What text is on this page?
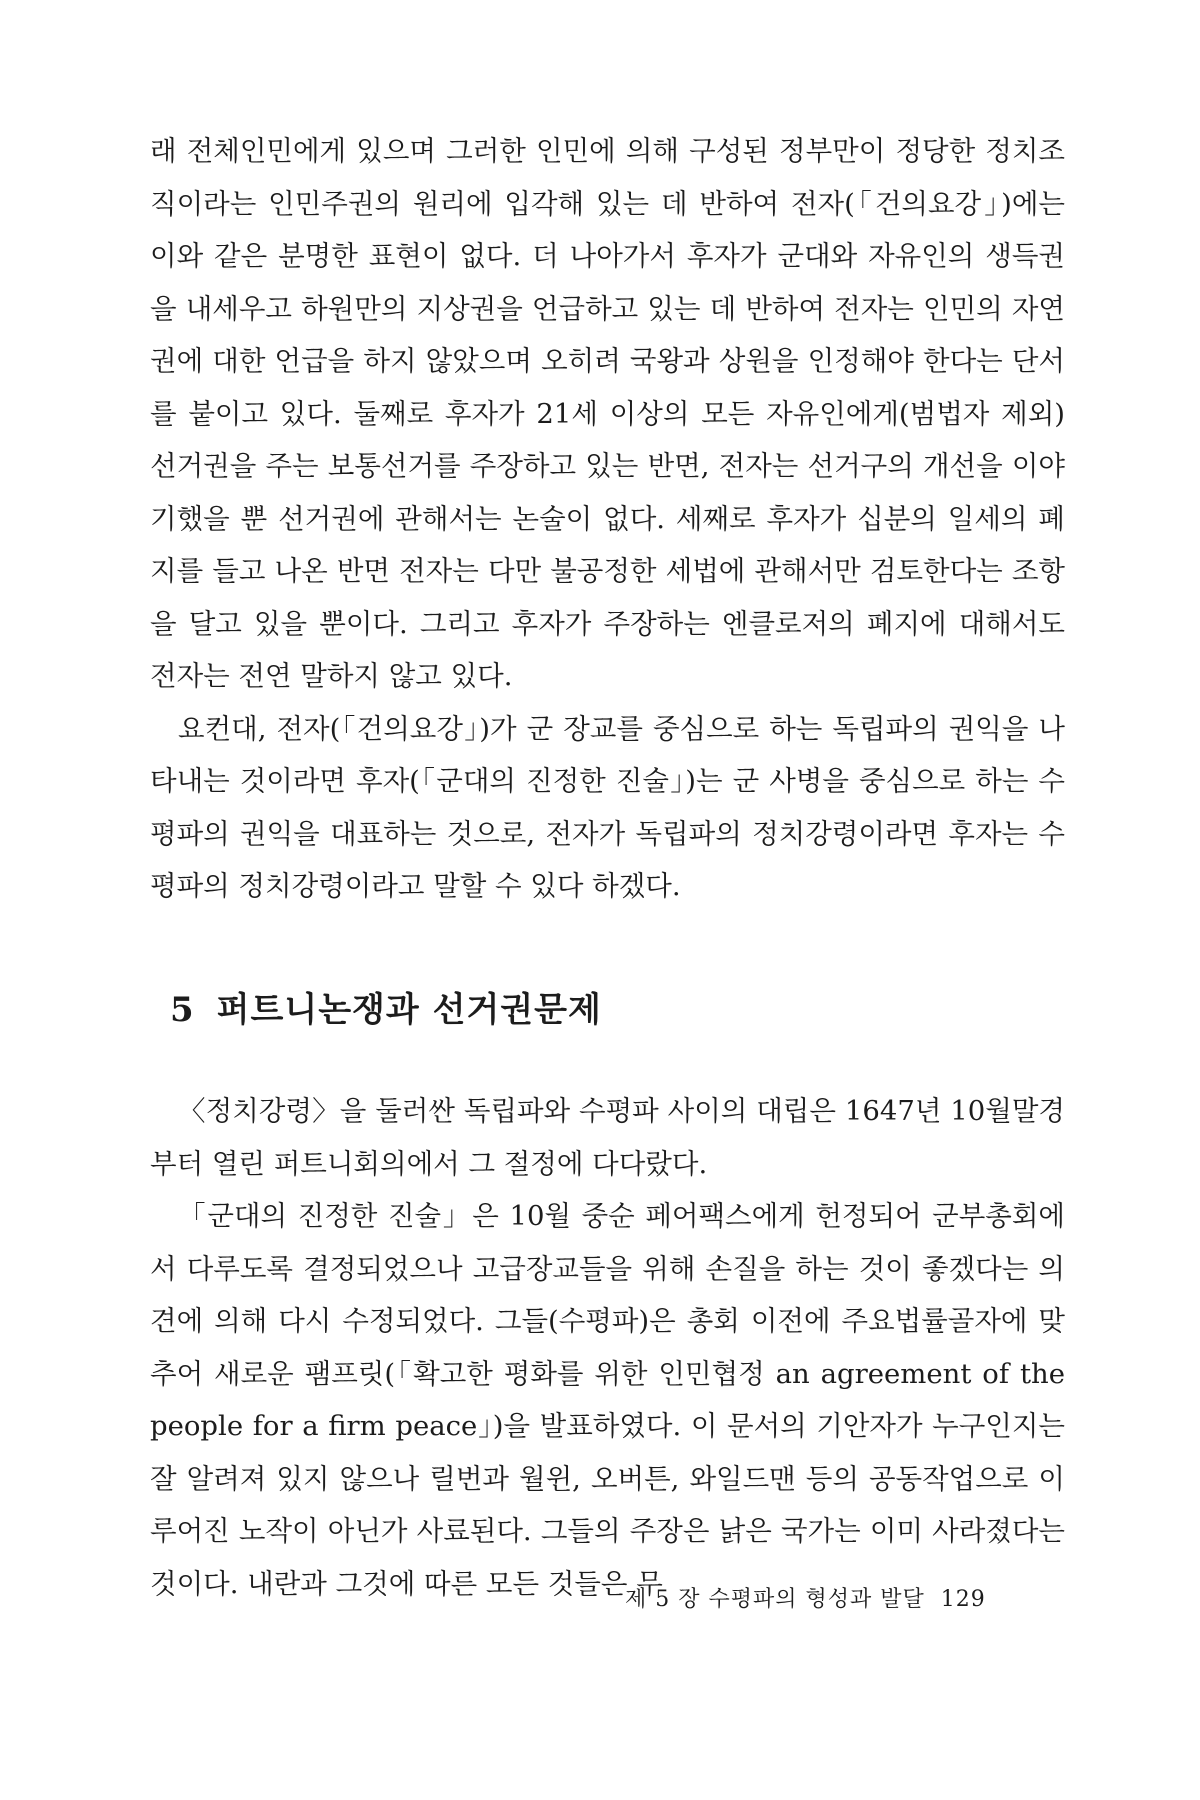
래 전체인민에게 있으며 그러한 인민에 의해 구성된 정부만이 정당한 정치조직이라는 인민주권의 원리에 입각해 있는 데 반하여 전자(「건의요강」)에는 이와 같은 분명한 표현이 없다. 더 나아가서 후자가 군대와 자유인의 생득권을 내세우고 하원만의 지상권을 언급하고 있는 데 반하여 전자는 인민의 자연권에 대한 언급을 하지 않았으며 오히려 국왕과 상원을 인정해야 한다는 단서를 붙이고 있다. 둘째로 후자가 21세 이상의 모든 자유인에게(범법자 제외) 선거권을 주는 보통선거를 주장하고 있는 반면, 전자는 선거구의 개선을 이야기했을 뿐 선거권에 관해서는 논술이 없다. 세째로 후자가 십분의 일세의 폐지를 들고 나온 반면 전자는 다만 불공정한 세법에 관해서만 검토한다는 조항을 달고 있을 뿐이다. 그리고 후자가 주장하는 엔클로저의 폐지에 대해서도 전자는 전연 말하지 않고 있다.

요컨대, 전자(「건의요강」)가 군 장교를 중심으로 하는 독립파의 권익을 나타내는 것이라면 후자(「군대의 진정한 진술」)는 군 사병을 중심으로 하는 수평파의 권익을 대표하는 것으로, 전자가 독립파의 정치강령이라면 후자는 수평파의 정치강령이라고 말할 수 있다 하겠다.

5 퍼트니논쟁과 선거권문제

〈정치강령〉을 둘러싼 독립파와 수평파 사이의 대립은 1647년 10월말경부터 열린 퍼트니회의에서 그 절정에 다다랐다.

「군대의 진정한 진술」은 10월 중순 페어팩스에게 헌정되어 군부총회에서 다루도록 결정되었으나 고급장교들을 위해 손질을 하는 것이 좋겠다는 의견에 의해 다시 수정되었다. 그들(수평파)은 총회 이전에 주요법률골자에 맞추어 새로운 팸프릿(「확고한 평화를 위한 인민협정 an agreement of the people for a firm peace」)을 발표하였다. 이 문서의 기안자가 누구인지는 잘 알려져 있지 않으나 릴번과 월윈, 오버튼, 와일드맨 등의 공동작업으로 이루어진 노작이 아닌가 사료된다. 그들의 주장은 낡은 국가는 이미 사라졌다는 것이다. 내란과 그것에 따른 모든 것들은 무

제 5 장 수평파의 형성과 발달 129
